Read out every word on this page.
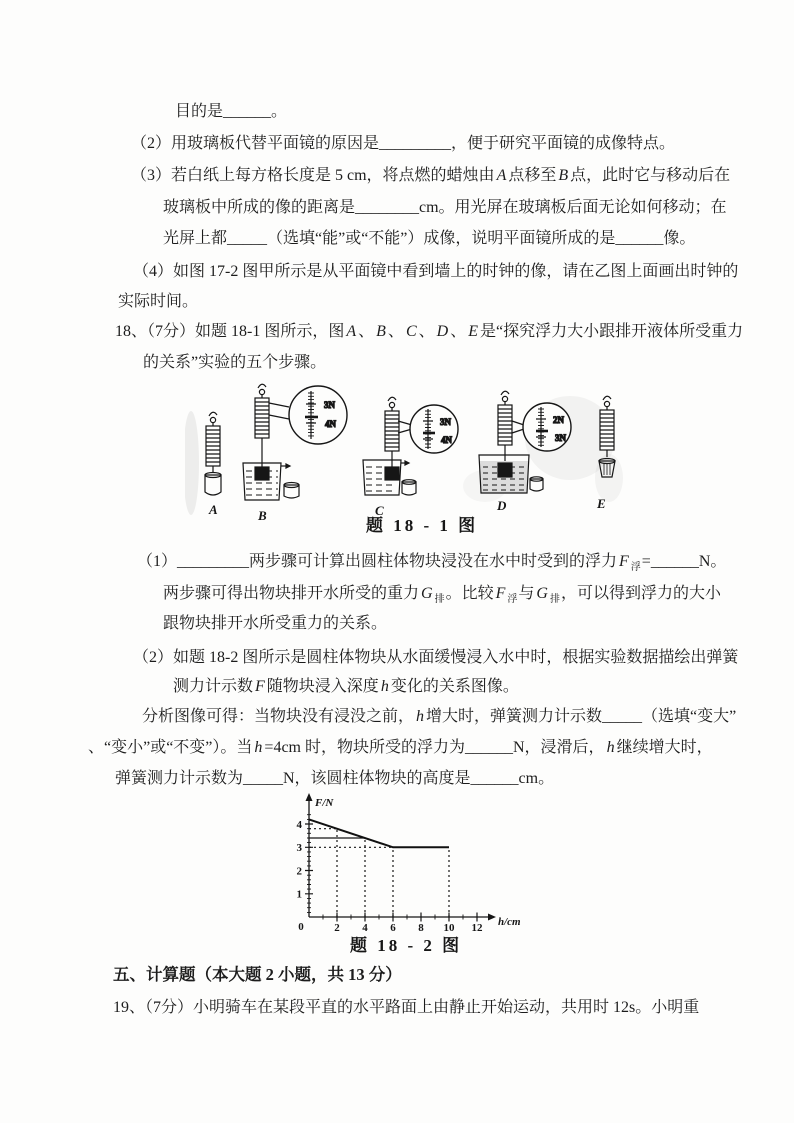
目的是______。
（2）用玻璃板代替平面镜的原因是_________，便于研究平面镜的成像特点。
（3）若白纸上每方格长度是 5 cm，将点燃的蜡烛由 A 点移至 B 点，此时它与移动后在
玻璃板中所成的像的距离是________cm。用光屏在玻璃板后面无论如何移动；在
光屏上都_____（选填“能”或“不能”）成像，说明平面镜所成的是______像。
（4）如图 17-2 图甲所示是从平面镜中看到墙上的时钟的像，请在乙图上面画出时钟的
实际时间。
18、（7分）如题 18-1 图所示，图 A 、 B 、 C 、 D 、 E 是“探究浮力大小跟排开液体所受重力
的关系”实验的五个步骤。
3N
4N	3N
4N
2N
3N
A	B	C	D	E
题 18 - 1 图
（1）_________两步骤可计算出圆柱体物块浸没在水中时受到的浮力 F $_浮$=______N。
两步骤可得出物块排开水所受的重力 G $_排$。比较 F $_浮$与 G $_排$，可以得到浮力的大小
跟物块排开水所受重力的关系。
（2）如题 18-2 图所示是圆柱体物块从水面缓慢浸入水中时，根据实验数据描绘出弹簧
测力计示数 F 随物块浸入深度 h 变化的关系图像。
分析图像可得：当物块没有浸没之前， h 增大时，弹簧测力计示数_____（选填“变大”
、“变小”或“不变”）。当 h =4cm 时，物块所受的浮力为______N，浸滑后， h 继续增大时，
弹簧测力计示数为_____N，该圆柱体物块的高度是______cm。
F/N
h/cm
0	2 4 6 8 10 12
1
2
3
4
题 18 - 2 图
五、计算题（本大题 2 小题，共 13 分）
19、（7分）小明骑车在某段平直的水平路面上由静止开始运动，共用时 12s。小明重
